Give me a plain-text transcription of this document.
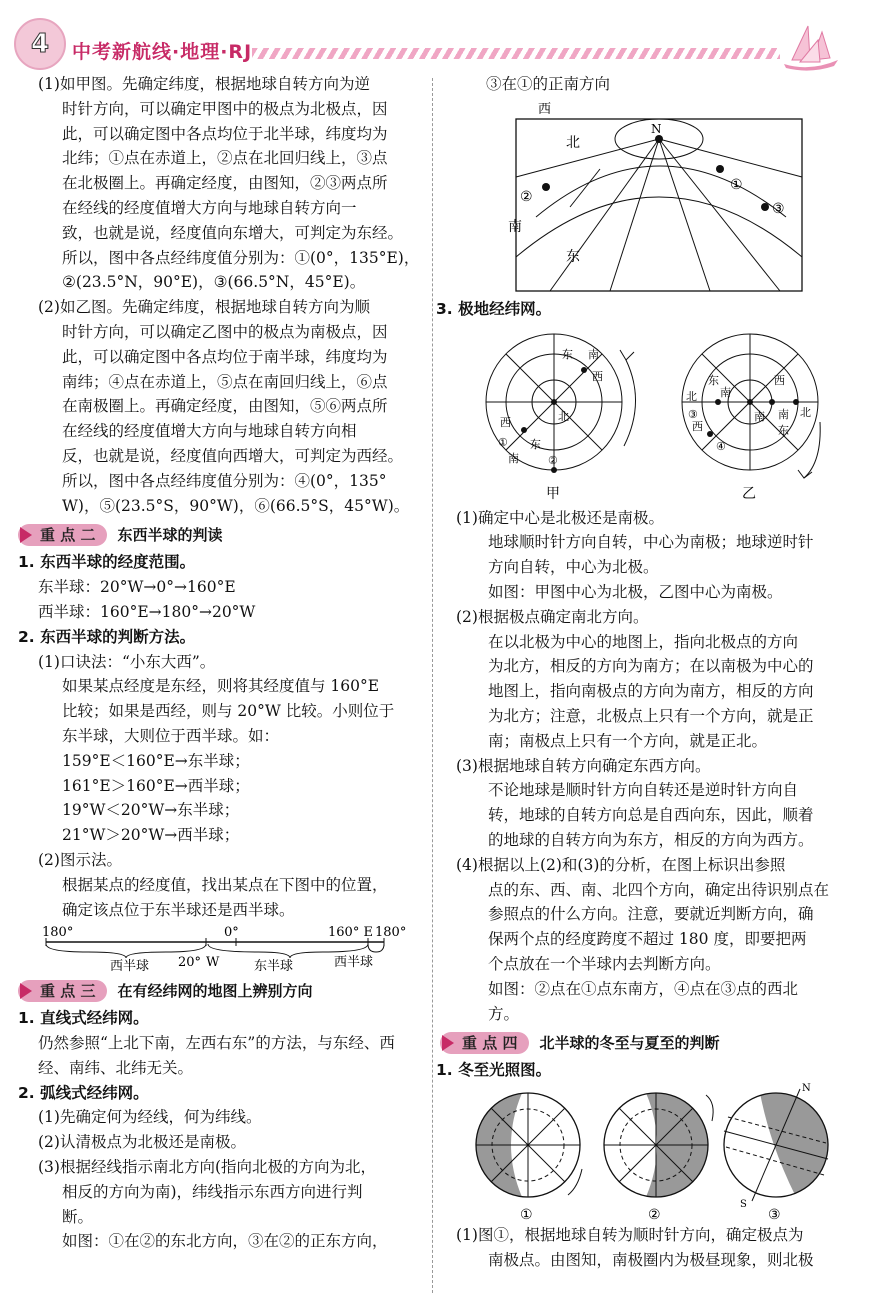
4 中考新航线·地理·RJ

(1)如甲图。先确定纬度，根据地球自转方向为逆

时针方向，可以确定甲图中的极点为北极点，因

此，可以确定图中各点均位于北半球，纬度均为

北纬；①点在赤道上，②点在北回归线上，③点

在北极圈上。再确定经度，由图知，②③两点所

在经线的经度值增大方向与地球自转方向一

致，也就是说，经度值向东增大，可判定为东经。

所以，图中各点经纬度值分别为：①(0°，135°E)，

②(23.5°N，90°E)，③(66.5°N，45°E)。

(2)如乙图。先确定纬度，根据地球自转方向为顺

时针方向，可以确定乙图中的极点为南极点，因

此，可以确定图中各点均位于南半球，纬度均为

南纬；④点在赤道上，⑤点在南回归线上，⑥点

在南极圈上。再确定经度，由图知，⑤⑥两点所

在经线的经度值增大方向与地球自转方向相

反，也就是说，经度值向西增大，可判定为西经。

所以，图中各点经纬度值分别为：④(0°，135°

W)，⑤(23.5°S，90°W)，⑥(66.5°S，45°W)。

重 点 二	东西半球的判读

1. 东西半球的经度范围。

东半球：20°W→0°→160°E

西半球：160°E→180°→20°W

2. 东西半球的判断方法。

(1)口诀法：“小东大西”。

如果某点经度是东经，则将其经度值与 160°E

比较；如果是西经，则与 20°W 比较。小则位于

东半球，大则位于西半球。如：

159°E＜160°E→东半球；

161°E＞160°E→西半球；

19°W＜20°W→东半球；

21°W＞20°W→西半球；

(2)图示法。

根据某点的经度值，找出某点在下图中的位置，

确定该点位于东半球还是西半球。

180°	0°	160° E 180°
西半球 20° W	东半球	西半球
重 点 三	在有经纬网的地图上辨别方向

1. 直线式经纬网。

仍然参照“上北下南，左西右东”的方法，与东经、西

经、南纬、北纬无关。

2. 弧线式经纬网。

(1)先确定何为经线，何为纬线。

(2)认清极点为北极还是南极。

(3)根据经线指示南北方向(指向北极的方向为北，

相反的方向为南)，纬线指示东西方向进行判

断。

如图：①在②的东北方向，③在②的正东方向，

③在①的正南方向

西
北
N
南
东
②
①
③

3. 极地经纬网。

东 南
西
北
西
①
南
东
②
甲
东
南
北
③
西
西
南 南 北
东
④
乙

(1)确定中心是北极还是南极。

地球顺时针方向自转，中心为南极；地球逆时针

方向自转，中心为北极。

如图：甲图中心为北极，乙图中心为南极。

(2)根据极点确定南北方向。

在以北极为中心的地图上，指向北极点的方向

为北方，相反的方向为南方；在以南极为中心的

地图上，指向南极点的方向为南方，相反的方向

为北方；注意，北极点上只有一个方向，就是正

南；南极点上只有一个方向，就是正北。

(3)根据地球自转方向确定东西方向。

不论地球是顺时针方向自转还是逆时针方向自

转，地球的自转方向总是自西向东，因此，顺着

的地球的自转方向为东方，相反的方向为西方。

(4)根据以上(2)和(3)的分析，在图上标识出参照

点的东、西、南、北四个方向，确定出待识别点在

参照点的什么方向。注意，要就近判断方向，确

保两个点的经度跨度不超过 180 度，即要把两

个点放在一个半球内去判断方向。

如图：②点在①点东南方，④点在③点的西北

方。

重 点 四	北半球的冬至与夏至的判断

1. 冬至光照图。

①	②
N
S
③

(1)图①，根据地球自转为顺时针方向，确定极点为

南极点。由图知，南极圈内为极昼现象，则北极
